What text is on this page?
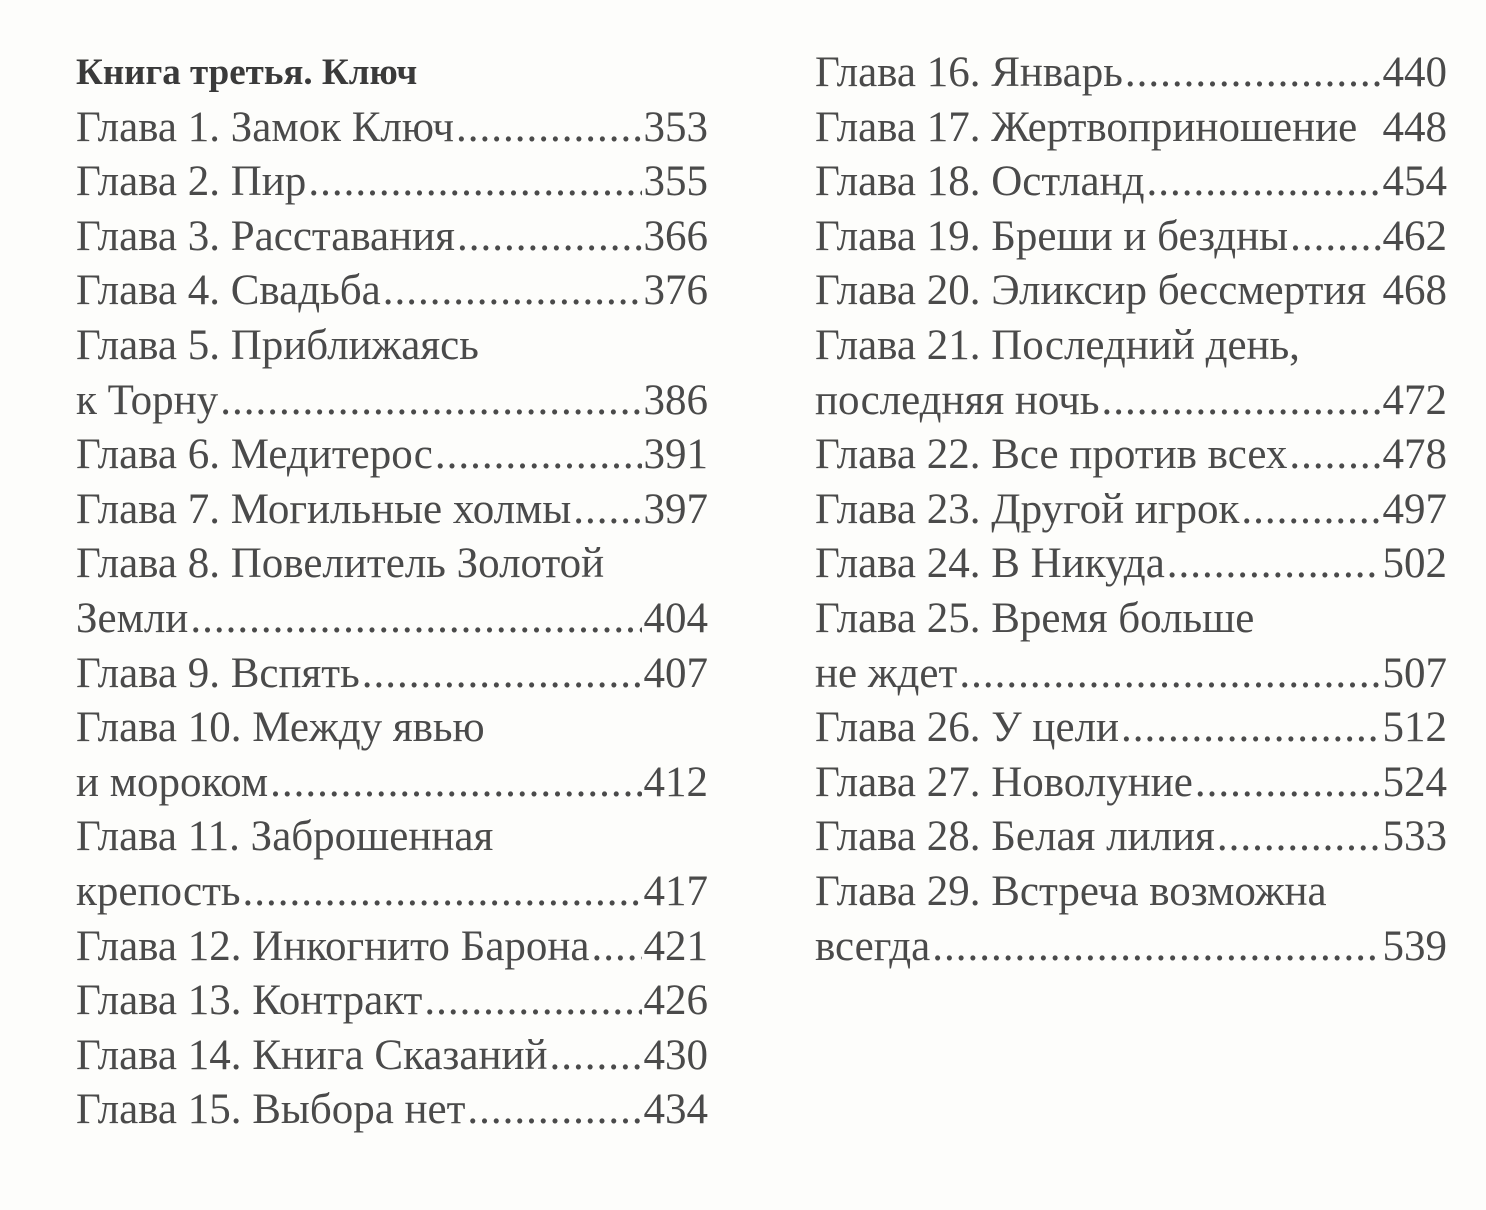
Книга третья. Ключ
Глава 1. Замок Ключ .....	353
Глава 2. Пир .....	355
Глава 3. Расставания .....	366
Глава 4. Свадьба .....	376
Глава 5. Приближаясь
к Торну .....	386
Глава 6. Медитерос .....	391
Глава 7. Могильные холмы ..... 397
Глава 8. Повелитель Золотой
Земли .....	404
Глава 9. Вспять .....	407
Глава 10. Между явью
и мороком .....	412
Глава 11. Заброшенная
крепость .....	417
Глава 12. Инкогнито Барона ..... 421
Глава 13. Контракт .....	426
Глава 14. Книга Сказаний ..... 430
Глава 15. Выбора нет .....	434
Глава 16. Январь .....	440
Глава 17. Жертвоприношение 448
Глава 18. Остланд .....	454
Глава 19. Бреши и бездны ..... 462
Глава 20. Эликсир бессмертия 468
Глава 21. Последний день,
последняя ночь .....	472
Глава 22. Все против всех ..... 478
Глава 23. Другой игрок .....	497
Глава 24. В Никуда .....	502
Глава 25. Время больше
не ждет .....	507
Глава 26. У цели .....	512
Глава 27. Новолуние .....	524
Глава 28. Белая лилия .....	533
Глава 29. Встреча возможна
всегда .....	539
